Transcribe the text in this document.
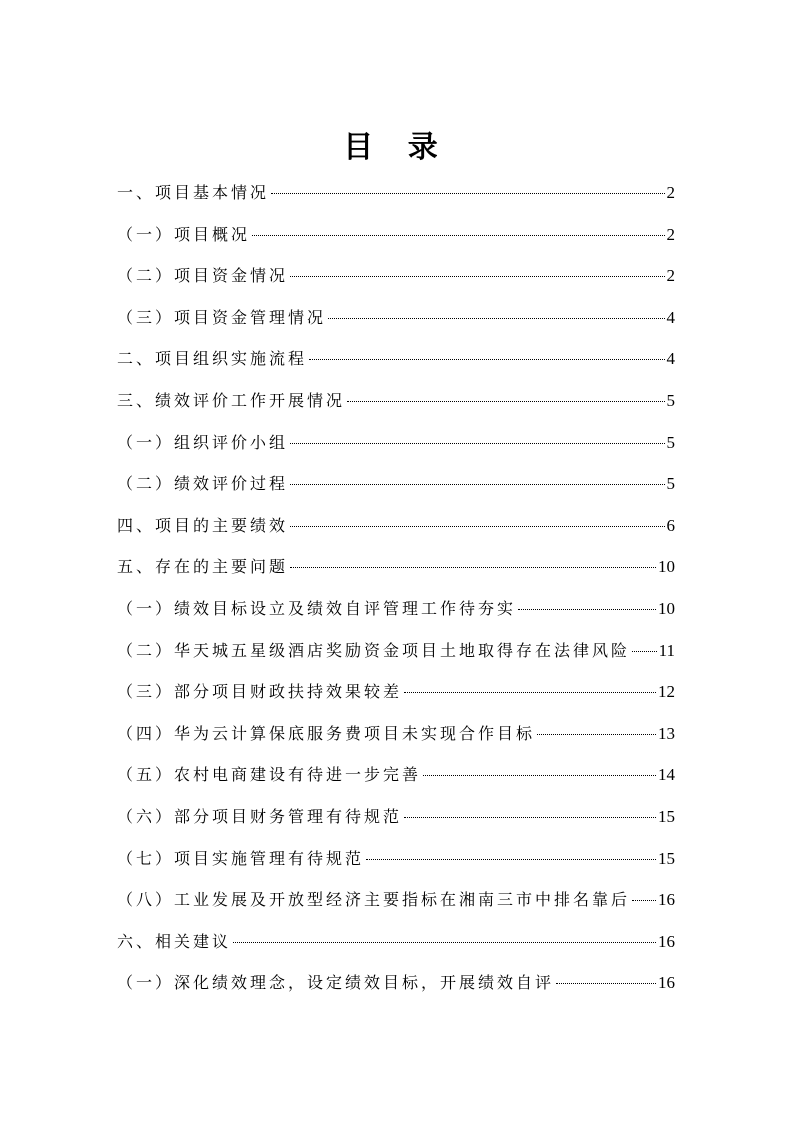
目 录
一、项目基本情况	2
（一）项目概况	2
（二）项目资金情况	2
（三）项目资金管理情况	4
二、项目组织实施流程	4
三、绩效评价工作开展情况	5
（一）组织评价小组	5
（二）绩效评价过程	5
四、项目的主要绩效	6
五、存在的主要问题	10
（一）绩效目标设立及绩效自评管理工作待夯实	10
（二）华天城五星级酒店奖励资金项目土地取得存在法律风险 11
（三）部分项目财政扶持效果较差	12
（四）华为云计算保底服务费项目未实现合作目标	13
（五）农村电商建设有待进一步完善	14
（六）部分项目财务管理有待规范	15
（七）项目实施管理有待规范	15
（八）工业发展及开放型经济主要指标在湘南三市中排名靠后 16
六、相关建议	16
（一）深化绩效理念，设定绩效目标，开展绩效自评	16
